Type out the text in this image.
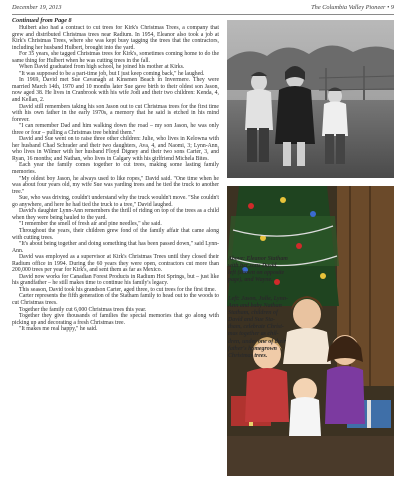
December 19, 2013	The Columbia Valley Pioneer • 9
Continued from Page 8

Hulbert also had a contract to cut trees for Kirk's Christmas Trees, a company that grew and distributed Christmas trees near Radium. In 1954, Eleanor also took a job at Kirk's Christmas Trees, where she was kept busy tagging the trees that the contractors, including her husband Hulbert, brought into the yard.

For 35 years, she tagged Christmas trees for Kirk's, sometimes coming home to do the same thing for Hulbert when he was cutting trees in the fall.

When David graduated from high school, he joined his mother at Kirks.

"It was supposed to be a part-time job, but I just keep coming back," he laughed.

In 1969, David met Sue Cavanagh at Kinsmen Beach in Invermere. They were married March 14th, 1970 and 10 months later Sue gave birth to their oldest son Jason, now aged 38. He lives in Cranbrook with his wife Jodi and their two children: Kenda, 4, and Kellan, 2.

David still remembers taking his son Jason out to cut Christmas trees for the first time with his own father in the early 1970s, a memory that he said is etched in his mind forever.

"I can remember Dad and him walking down the road – my son Jason, he was only three or four – pulling a Christmas tree behind them."

David and Sue went on to raise three other children: Julie, who lives in Kelowna with her husband Chad Schrader and their two daughters, Ava, 4, and Naomi, 3; Lynn-Ann, who lives in Wilmer with her husband Floyd Digney and their two sons Carter, 3, and Ryan, 16 months; and Nathan, who lives in Calgary with his girlfriend Michela Bites.

Each year the family comes together to cut trees, making some lasting family memories.

"My oldest boy Jason, he always used to like ropes," David said. "One time when he was about four years old, my wife Sue was yarding trees and he tied the truck to another tree."

Sue, who was driving, couldn't understand why the truck wouldn't move. "She couldn't go anywhere, and here he had tied the truck to a tree," David laughed.

David's daughter Lynn-Ann remembers the thrill of riding on top of the trees as a child when they were being hauled to the yard.

"I remember the smell of fresh air and pine needles," she said.

Throughout the years, their children grew fond of the family affair that came along with cutting trees.

"It's about being together and doing something that has been passed down," said Lynn-Ann.

David was employed as a supervisor at Kirk's Christmas Trees until they closed their Radium office in 1994. During the 60 years they were open, contractors cut more than 200,000 trees per year for Kirk's, and sent them as far as Mexico.

David now works for Canadian Forest Products in Radium Hot Springs, but – just like his grandfather – he still makes time to continue his family's legacy.

This season, David took his grandson Carter, aged three, to cut trees for the first time.

Carter represents the fifth generation of the Statham family to head out to the woods to cut Christmas trees.

Together the family cut 6,000 Christmas trees this year.

Together they give thousands of families the special memories that go along with picking up and decorating a fresh Christmas tree.

"It makes me real happy," he said.

Above: Eleanor Statham
with her sons David,
left (shown on opposite
page), and Wayne.
Left: Jason, Julie, Lynn-
Ann and baby Nathan
Statham, children of
David and Sue Sta-
tham, celebrate Christ-
mas together as chil-
dren, under one of their
father's homegrown
Christmas trees.
